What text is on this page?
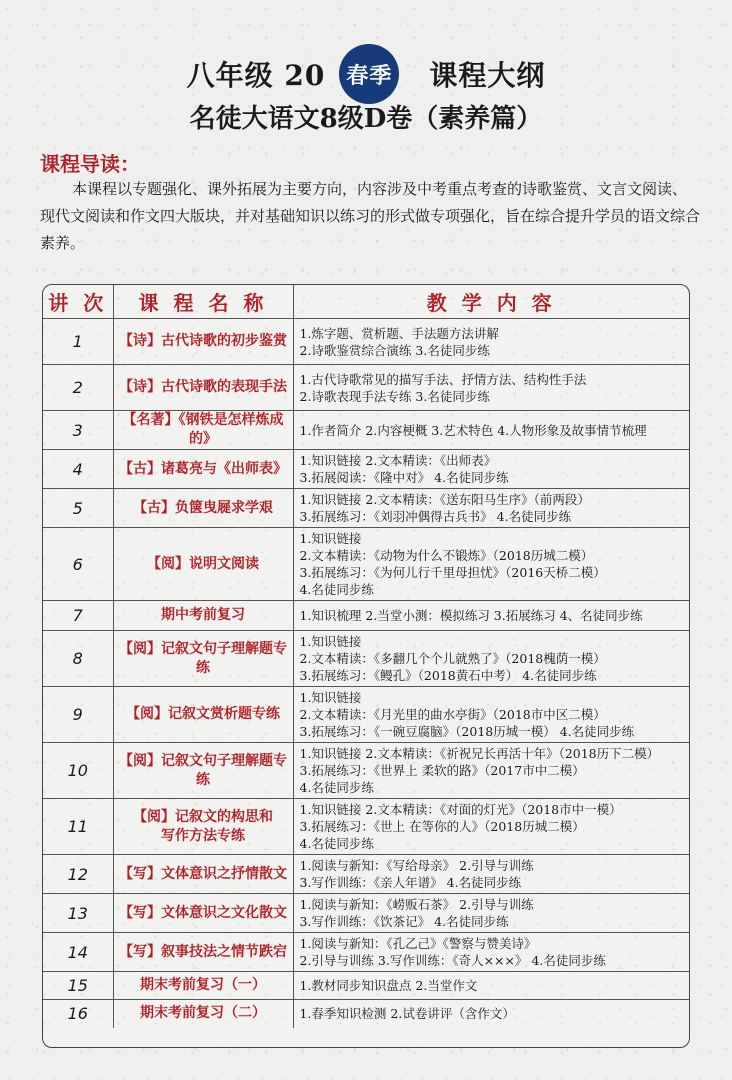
八年级 20 春季 课程大纲
名徒大语文8级D卷（素养篇）
课程导读：
本课程以专题强化、课外拓展为主要方向，内容涉及中考重点考查的诗歌鉴赏、文言文阅读、现代文阅读和作文四大版块，并对基础知识以练习的形式做专项强化，旨在综合提升学员的语文综合素养。
讲 次	课 程 名 称	教 学 内 容
1	【诗】古代诗歌的初步鉴赏	1.炼字题、赏析题、手法题方法讲解
2.诗歌鉴赏综合演练 3.名徒同步练
2	【诗】古代诗歌的表现手法	1.古代诗歌常见的描写手法、抒情方法、结构性手法
2.诗歌表现手法专练 3.名徒同步练
3	【名著】《钢铁是怎样炼成的》	1.作者简介 2.内容梗概 3.艺术特色 4.人物形象及故事情节梳理
4	【古】诸葛亮与《出师表》	1.知识链接 2.文本精读：《出师表》
3.拓展阅读：《隆中对》 4.名徒同步练
5	【古】负箧曳屣求学艰	1.知识链接 2.文本精读：《送东阳马生序》（前两段）
3.拓展练习：《刘羽冲偶得古兵书》 4.名徒同步练
6	【阅】说明文阅读	1.知识链接
2.文本精读：《动物为什么不锻炼》（2018历城二模）
3.拓展练习：《为何儿行千里母担忧》（2016天桥二模）
4.名徒同步练
7	期中考前复习	1.知识梳理 2.当堂小测：模拟练习 3.拓展练习 4、名徒同步练
8	【阅】记叙文句子理解题专练	1.知识链接
2.文本精读：《多翻几个个儿就熟了》（2018槐荫一模）
3.拓展练习：《鳗孔》（2018黄石中考） 4.名徒同步练
9	【阅】记叙文赏析题专练	1.知识链接
2.文本精读：《月光里的曲水亭街》（2018市中区二模）
3.拓展练习：《一碗豆腐脑》（2018历城一模） 4.名徒同步练
10	【阅】记叙文句子理解题专练	1.知识链接 2.文本精读：《祈祝兄长再活十年》（2018历下二模）
3.拓展练习：《世界上 柔软的路》（2017市中二模）
4.名徒同步练
11	【阅】记叙文的构思和
写作方法专练	1.知识链接 2.文本精读：《对面的灯光》（2018市中一模）
3.拓展练习：《世上 在等你的人》（2018历城二模）
4.名徒同步练
12	【写】文体意识之抒情散文	1.阅读与新知：《写给母亲》 2.引导与训练
3.写作训练：《亲人年谱》 4.名徒同步练
13	【写】文体意识之文化散文	1.阅读与新知：《崂贩石茶》 2.引导与训练
3.写作训练：《饮茶记》 4.名徒同步练
14	【写】叙事技法之情节跌宕	1.阅读与新知：《孔乙己》《警察与赞美诗》
2.引导与训练 3.写作训练：《奇人×××》 4.名徒同步练
15	期末考前复习（一）	1.教材同步知识盘点 2.当堂作文
16	期末考前复习（二）	1.春季知识检测 2.试卷讲评（含作文）
